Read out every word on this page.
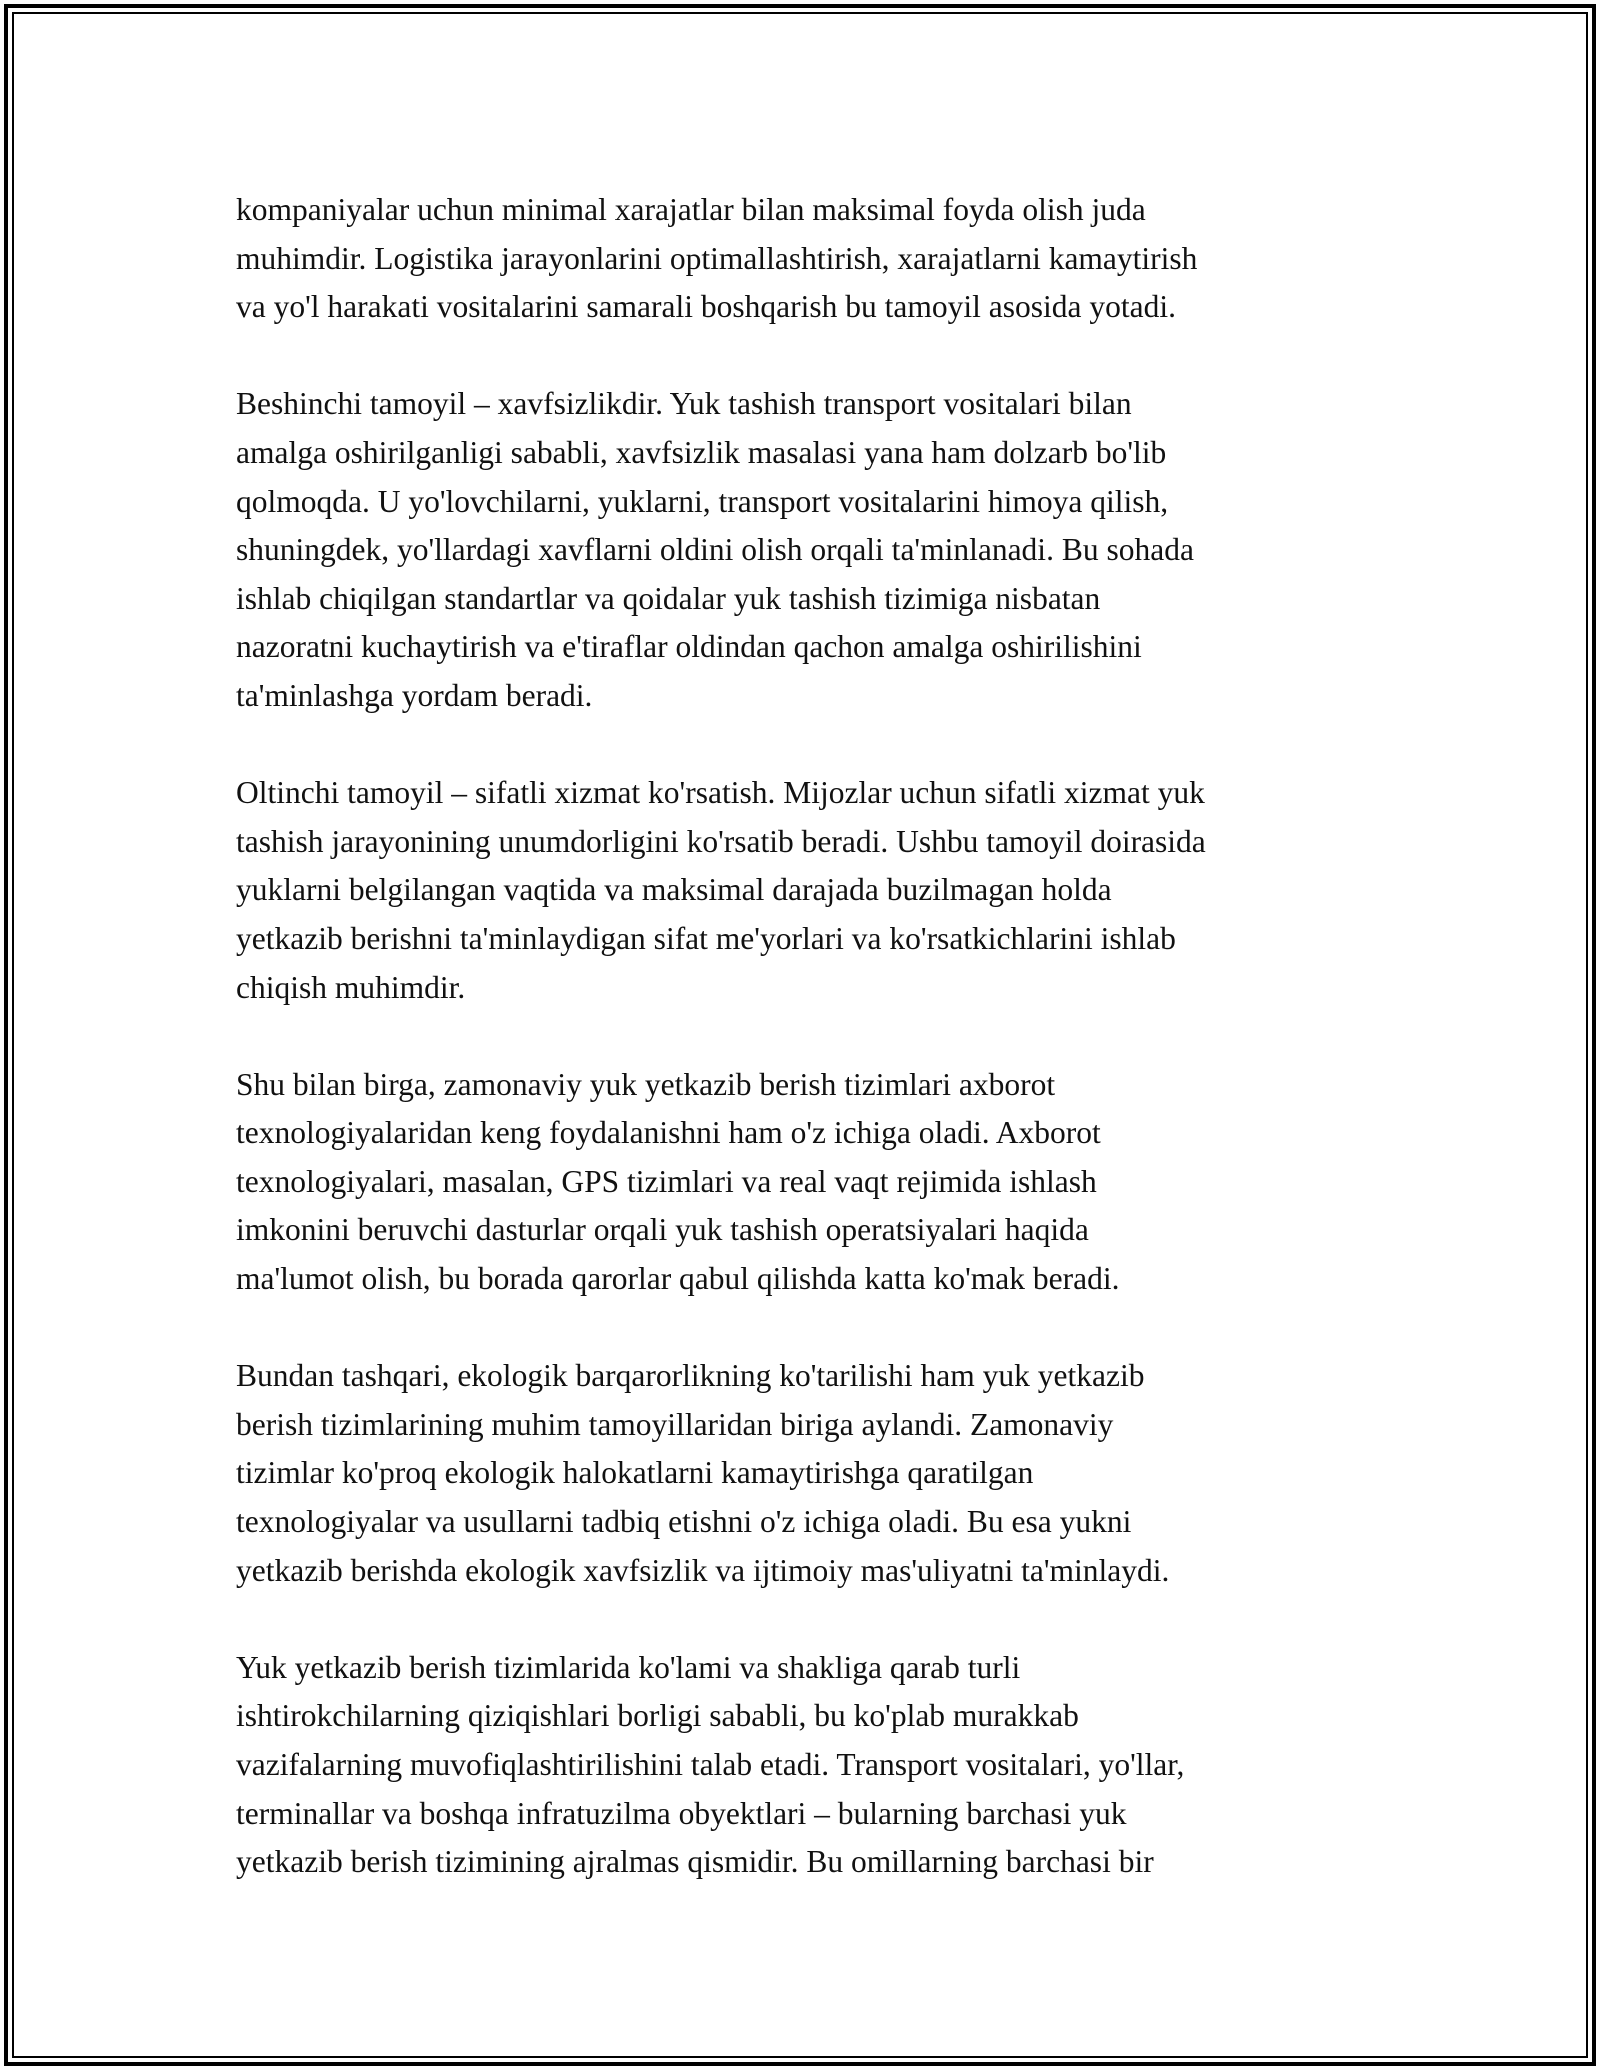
kompaniyalar uchun minimal xarajatlar bilan maksimal foyda olish juda
muhimdir. Logistika jarayonlarini optimallashtirish, xarajatlarni kamaytirish
va yo'l harakati vositalarini samarali boshqarish bu tamoyil asosida yotadi.

Beshinchi tamoyil – xavfsizlikdir. Yuk tashish transport vositalari bilan
amalga oshirilganligi sababli, xavfsizlik masalasi yana ham dolzarb bo'lib
qolmoqda. U yo'lovchilarni, yuklarni, transport vositalarini himoya qilish,
shuningdek, yo'llardagi xavflarni oldini olish orqali ta'minlanadi. Bu sohada
ishlab chiqilgan standartlar va qoidalar yuk tashish tizimiga nisbatan
nazoratni kuchaytirish va e'tiraflar oldindan qachon amalga oshirilishini
ta'minlashga yordam beradi.

Oltinchi tamoyil – sifatli xizmat ko'rsatish. Mijozlar uchun sifatli xizmat yuk
tashish jarayonining unumdorligini ko'rsatib beradi. Ushbu tamoyil doirasida
yuklarni belgilangan vaqtida va maksimal darajada buzilmagan holda
yetkazib berishni ta'minlaydigan sifat me'yorlari va ko'rsatkichlarini ishlab
chiqish muhimdir.

Shu bilan birga, zamonaviy yuk yetkazib berish tizimlari axborot
texnologiyalaridan keng foydalanishni ham o'z ichiga oladi. Axborot
texnologiyalari, masalan, GPS tizimlari va real vaqt rejimida ishlash
imkonini beruvchi dasturlar orqali yuk tashish operatsiyalari haqida
ma'lumot olish, bu borada qarorlar qabul qilishda katta ko'mak beradi.

Bundan tashqari, ekologik barqarorlikning ko'tarilishi ham yuk yetkazib
berish tizimlarining muhim tamoyillaridan biriga aylandi. Zamonaviy
tizimlar ko'proq ekologik halokatlarni kamaytirishga qaratilgan
texnologiyalar va usullarni tadbiq etishni o'z ichiga oladi. Bu esa yukni
yetkazib berishda ekologik xavfsizlik va ijtimoiy mas'uliyatni ta'minlaydi.

Yuk yetkazib berish tizimlarida ko'lami va shakliga qarab turli
ishtirokchilarning qiziqishlari borligi sababli, bu ko'plab murakkab
vazifalarning muvofiqlashtirilishini talab etadi. Transport vositalari, yo'llar,
terminallar va boshqa infratuzilma obyektlari – bularning barchasi yuk
yetkazib berish tizimining ajralmas qismidir. Bu omillarning barchasi bir
